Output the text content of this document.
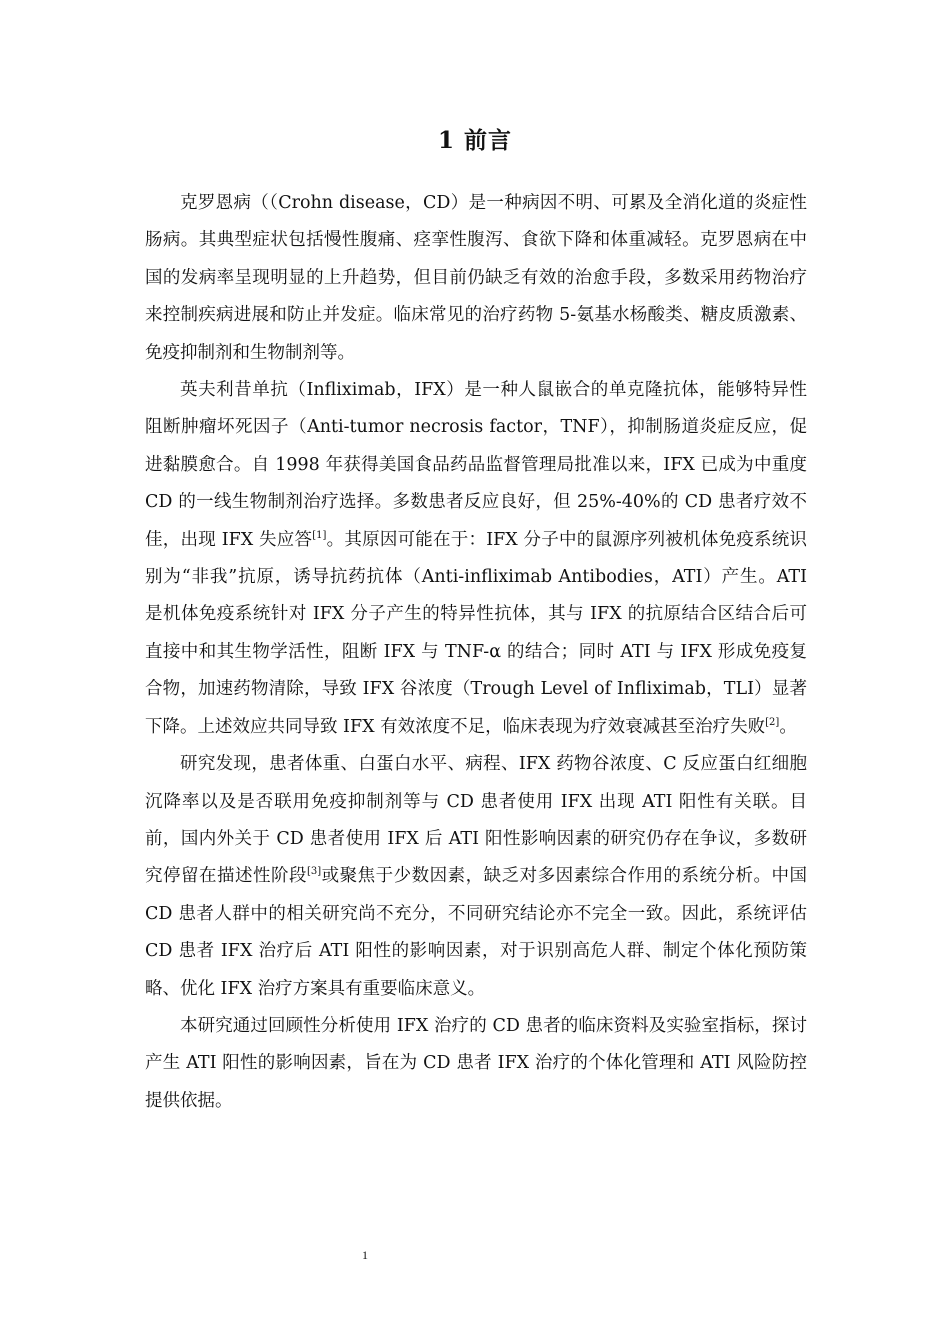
1 前言

克罗恩病（（Crohn disease，CD）是一种病因不明、可累及全消化道的炎症性肠病。其典型症状包括慢性腹痛、痉挛性腹泻、食欲下降和体重减轻。克罗恩病在中国的发病率呈现明显的上升趋势，但目前仍缺乏有效的治愈手段，多数采用药物治疗来控制疾病进展和防止并发症。临床常见的治疗药物 5-氨基水杨酸类、糖皮质激素、免疫抑制剂和生物制剂等。

英夫利昔单抗（Infliximab，IFX）是一种人鼠嵌合的单克隆抗体，能够特异性阻断肿瘤坏死因子（Anti-tumor necrosis factor，TNF），抑制肠道炎症反应，促进黏膜愈合。自 1998 年获得美国食品药品监督管理局批准以来，IFX 已成为中重度 CD 的一线生物制剂治疗选择。多数患者反应良好，但 25%-40%的 CD 患者疗效不佳，出现 IFX 失应答[1]。其原因可能在于：IFX 分子中的鼠源序列被机体免疫系统识别为“非我”抗原，诱导抗药抗体（Anti-infliximab Antibodies，ATI）产生。ATI 是机体免疫系统针对 IFX 分子产生的特异性抗体，其与 IFX 的抗原结合区结合后可直接中和其生物学活性，阻断 IFX 与 TNF-α 的结合；同时 ATI 与 IFX 形成免疫复合物，加速药物清除，导致 IFX 谷浓度（Trough Level of Infliximab，TLI）显著下降。上述效应共同导致 IFX 有效浓度不足，临床表现为疗效衰减甚至治疗失败[2]。

研究发现，患者体重、白蛋白水平、病程、IFX 药物谷浓度、C 反应蛋白红细胞沉降率以及是否联用免疫抑制剂等与 CD 患者使用 IFX 出现 ATI 阳性有关联。目前，国内外关于 CD 患者使用 IFX 后 ATI 阳性影响因素的研究仍存在争议，多数研究停留在描述性阶段[3]或聚焦于少数因素，缺乏对多因素综合作用的系统分析。中国 CD 患者人群中的相关研究尚不充分，不同研究结论亦不完全一致。因此，系统评估 CD 患者 IFX 治疗后 ATI 阳性的影响因素，对于识别高危人群、制定个体化预防策略、优化 IFX 治疗方案具有重要临床意义。

本研究通过回顾性分析使用 IFX 治疗的 CD 患者的临床资料及实验室指标，探讨产生 ATI 阳性的影响因素，旨在为 CD 患者 IFX 治疗的个体化管理和 ATI 风险防控提供依据。

1
